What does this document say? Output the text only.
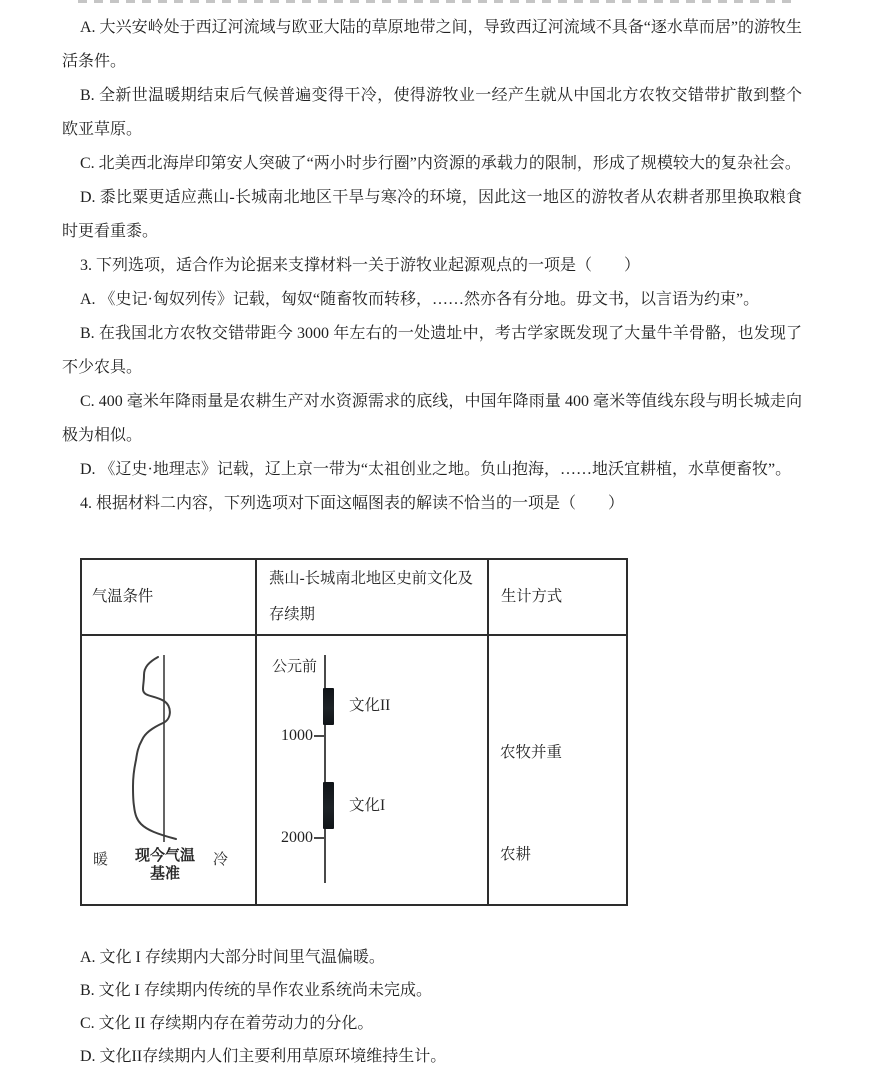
A. 大兴安岭处于西辽河流域与欧亚大陆的草原地带之间，导致西辽河流域不具备“逐水草而居”的游牧生活条件。

B. 全新世温暖期结束后气候普遍变得干冷，使得游牧业一经产生就从中国北方农牧交错带扩散到整个欧亚草原。

C. 北美西北海岸印第安人突破了“两小时步行圈”内资源的承载力的限制，形成了规模较大的复杂社会。

D. 黍比粟更适应燕山-长城南北地区干旱与寒冷的环境，因此这一地区的游牧者从农耕者那里换取粮食时更看重黍。

3. 下列选项，适合作为论据来支撑材料一关于游牧业起源观点的一项是（　　）

A. 《史记·匈奴列传》记载，匈奴“随畜牧而转移，……然亦各有分地。毋文书，以言语为约束”。

B. 在我国北方农牧交错带距今 3000 年左右的一处遗址中，考古学家既发现了大量牛羊骨骼，也发现了不少农具。

C. 400 毫米年降雨量是农耕生产对水资源需求的底线，中国年降雨量 400 毫米等值线东段与明长城走向极为相似。

D. 《辽史·地理志》记载，辽上京一带为“太祖创业之地。负山抱海，……地沃宜耕植，水草便畜牧”。

4. 根据材料二内容，下列选项对下面这幅图表的解读不恰当的一项是（　　）

气温条件
燕山-长城南北地区史前文化及存续期
生计方式
暖	现今气温
基准
冷
公元前
文化II
1000
文化I
2000
农牧并重
农耕

A. 文化 I 存续期内大部分时间里气温偏暖。

B. 文化 I 存续期内传统的旱作农业系统尚未完成。

C. 文化 II 存续期内存在着劳动力的分化。

D. 文化II存续期内人们主要利用草原环境维持生计。
